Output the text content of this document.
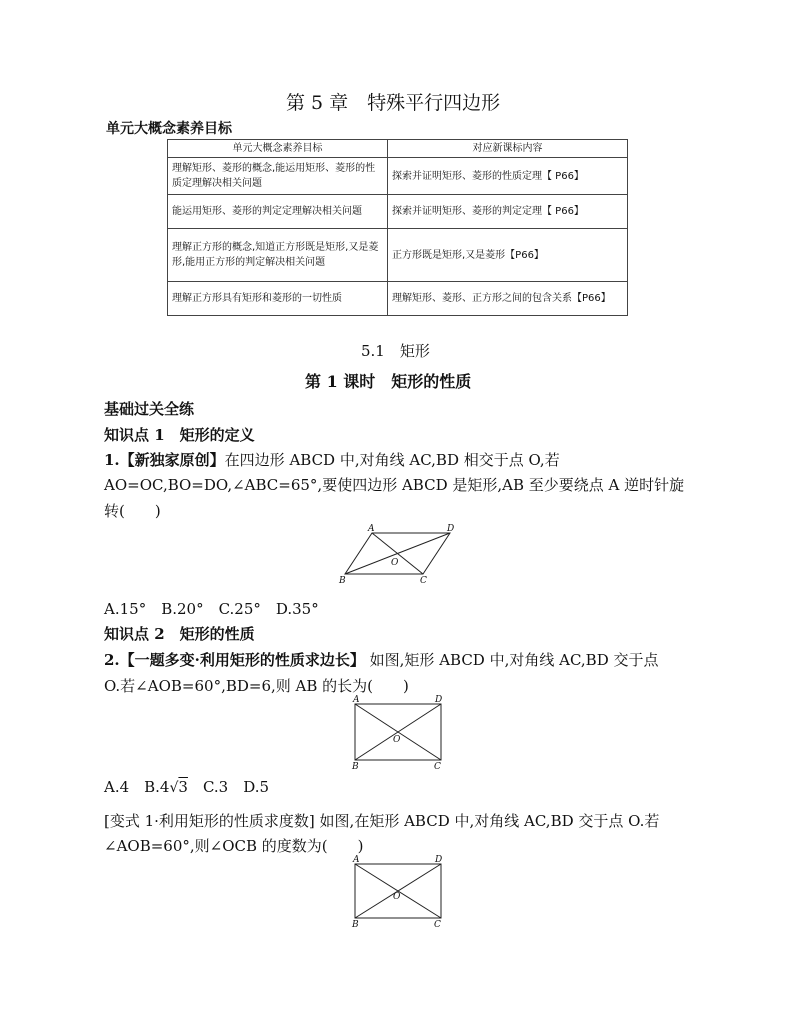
第 5 章　特殊平行四边形
单元大概念素养目标
单元大概念素养目标	对应新课标内容
理解矩形、菱形的概念,能运用矩形、菱形的性质定理解决相关问题	探索并证明矩形、菱形的性质定理【 P66】
能运用矩形、菱形的判定定理解决相关问题	探索并证明矩形、菱形的判定定理【 P66】
理解正方形的概念,知道正方形既是矩形,又是菱形,能用正方形的判定解决相关问题	正方形既是矩形,又是菱形【P66】
理解正方形具有矩形和菱形的一切性质	理解矩形、菱形、正方形之间的包含关系【P66】
5.1　矩形
第 1 课时　矩形的性质
基础过关全练
知识点 1　矩形的定义
1.【新独家原创】在四边形 ABCD 中,对角线 AC,BD 相交于点 O,若
AO=OC,BO=DO,∠ABC=65°,要使四边形 ABCD 是矩形,AB 至少要绕点 A 逆时针旋
转(　　)
A	D
B	C
O
A.15°　B.20°　C.25°　D.35°
知识点 2　矩形的性质
2.【一题多变·利用矩形的性质求边长】 如图,矩形 ABCD 中,对角线 AC,BD 交于点
O.若∠AOB=60°,BD=6,则 AB 的长为(　　)
A	D
B	C
O
A.4　B.4√3　C.3　D.5
[变式 1·利用矩形的性质求度数] 如图,在矩形 ABCD 中,对角线 AC,BD 交于点 O.若
∠AOB=60°,则∠OCB 的度数为(　　)
A	D
B	C
O
